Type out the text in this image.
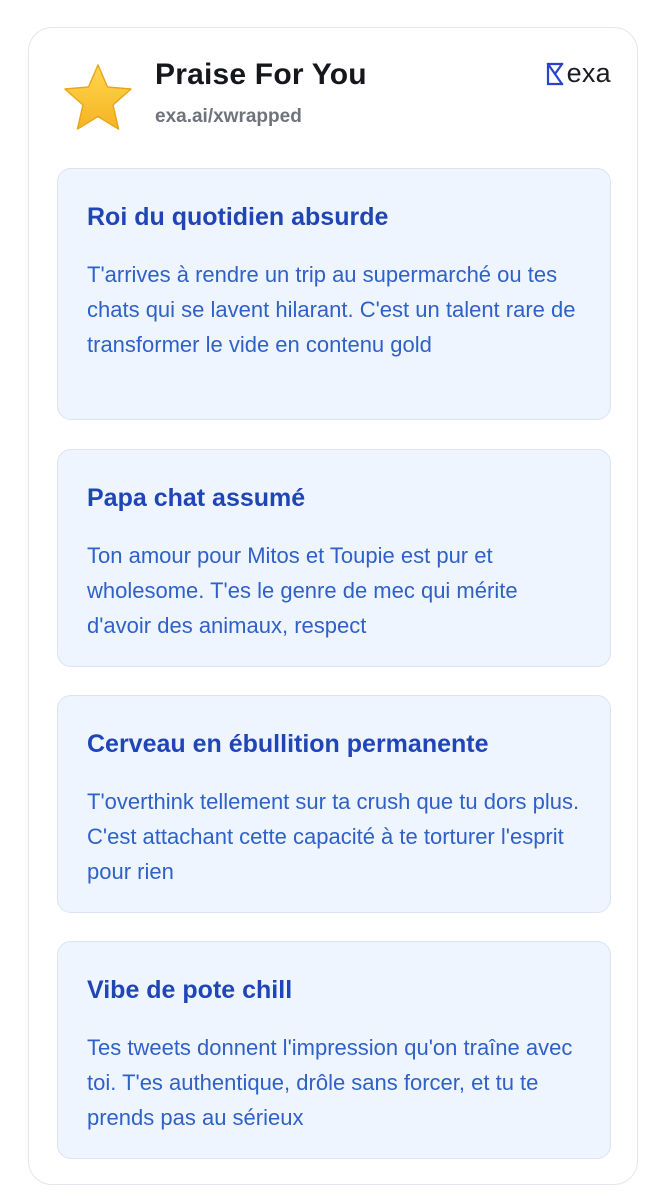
Praise For You
exa.ai/xwrapped
exa
Roi du quotidien absurde

T'arrives à rendre un trip au supermarché ou tes chats qui se lavent hilarant. C'est un talent rare de transformer le vide en contenu gold

Papa chat assumé

Ton amour pour Mitos et Toupie est pur et wholesome. T'es le genre de mec qui mérite d'avoir des animaux, respect

Cerveau en ébullition permanente

T'overthink tellement sur ta crush que tu dors plus. C'est attachant cette capacité à te torturer l'esprit pour rien

Vibe de pote chill

Tes tweets donnent l'impression qu'on traîne avec toi. T'es authentique, drôle sans forcer, et tu te prends pas au sérieux
